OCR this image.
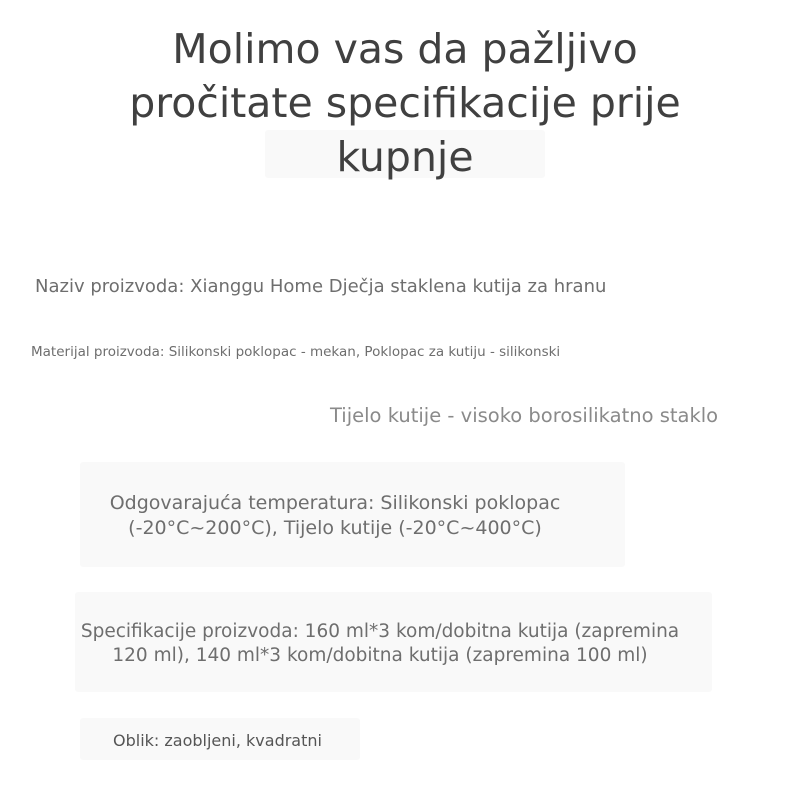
Molimo vas da pažljivo
pročitate specifikacije prije
kupnje

Naziv proizvoda: Xianggu Home Dječja staklena kutija za hranu

Materijal proizvoda: Silikonski poklopac - mekan, Poklopac za kutiju - silikonski

Tijelo kutije - visoko borosilikatno staklo

Odgovarajuća temperatura: Silikonski poklopac
(-20°C~200°C), Tijelo kutije (-20°C~400°C)

Specifikacije proizvoda: 160 ml*3 kom/dobitna kutija (zapremina
120 ml), 140 ml*3 kom/dobitna kutija (zapremina 100 ml)

Oblik: zaobljeni, kvadratni
